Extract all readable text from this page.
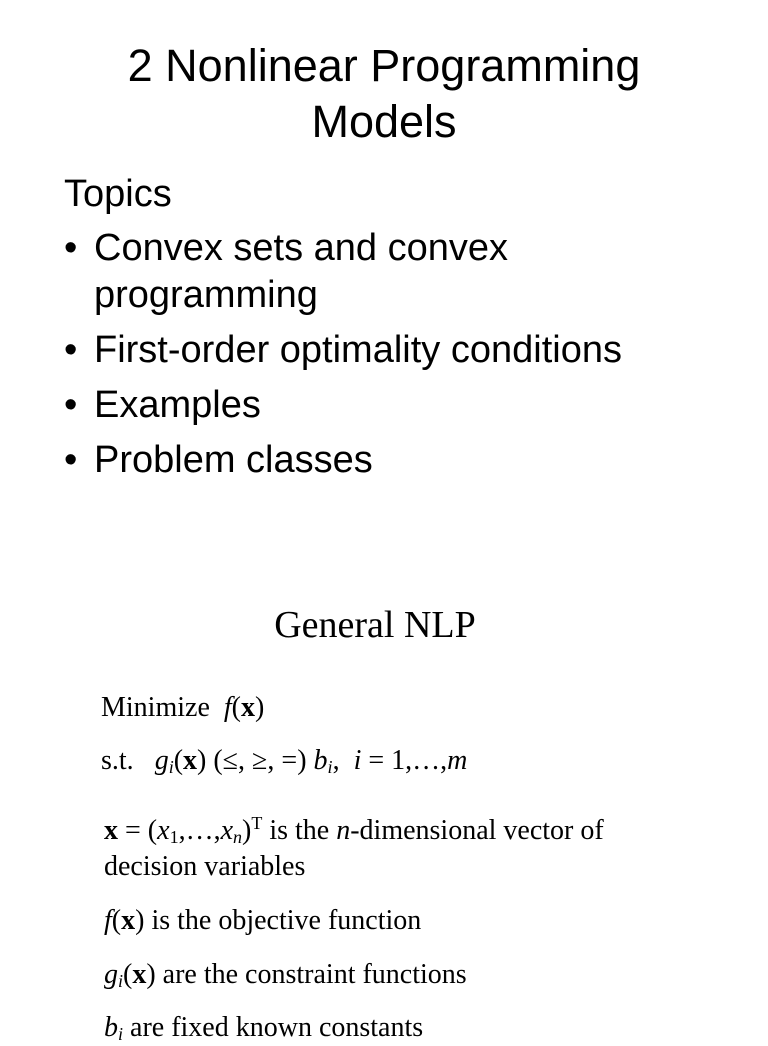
2 Nonlinear Programming
Models
Topics
• Convex sets and convex programming
• First-order optimality conditions
• Examples
• Problem classes
General NLP
Minimize f(x)
s.t. $g_i(x)$ (≤, ≥, =) $b_i$,  i = 1,…,m
$x = (x_1,\dots,x_n)^T$ is the n-dimensional vector of decision variables
f(x) is the objective function
$g_i(x)$ are the constraint functions
$b_i$ are fixed known constants
